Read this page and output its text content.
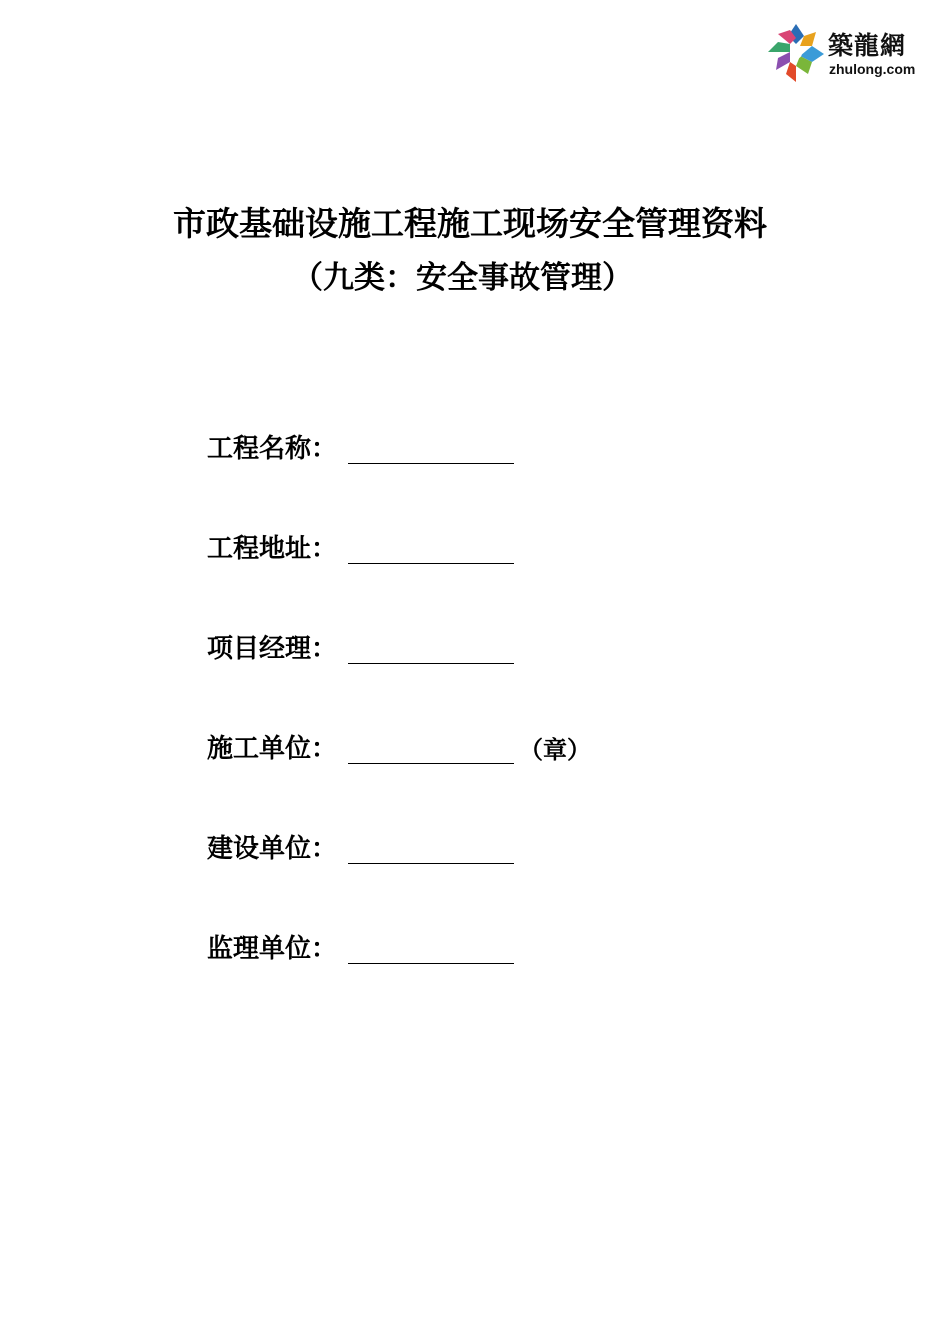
築龍網
zhulong.com
市政基础设施工程施工现场安全管理资料
（九类：安全事故管理）
工程名称：
工程地址：
项目经理：
施工单位：	（章）
建设单位：
监理单位：
